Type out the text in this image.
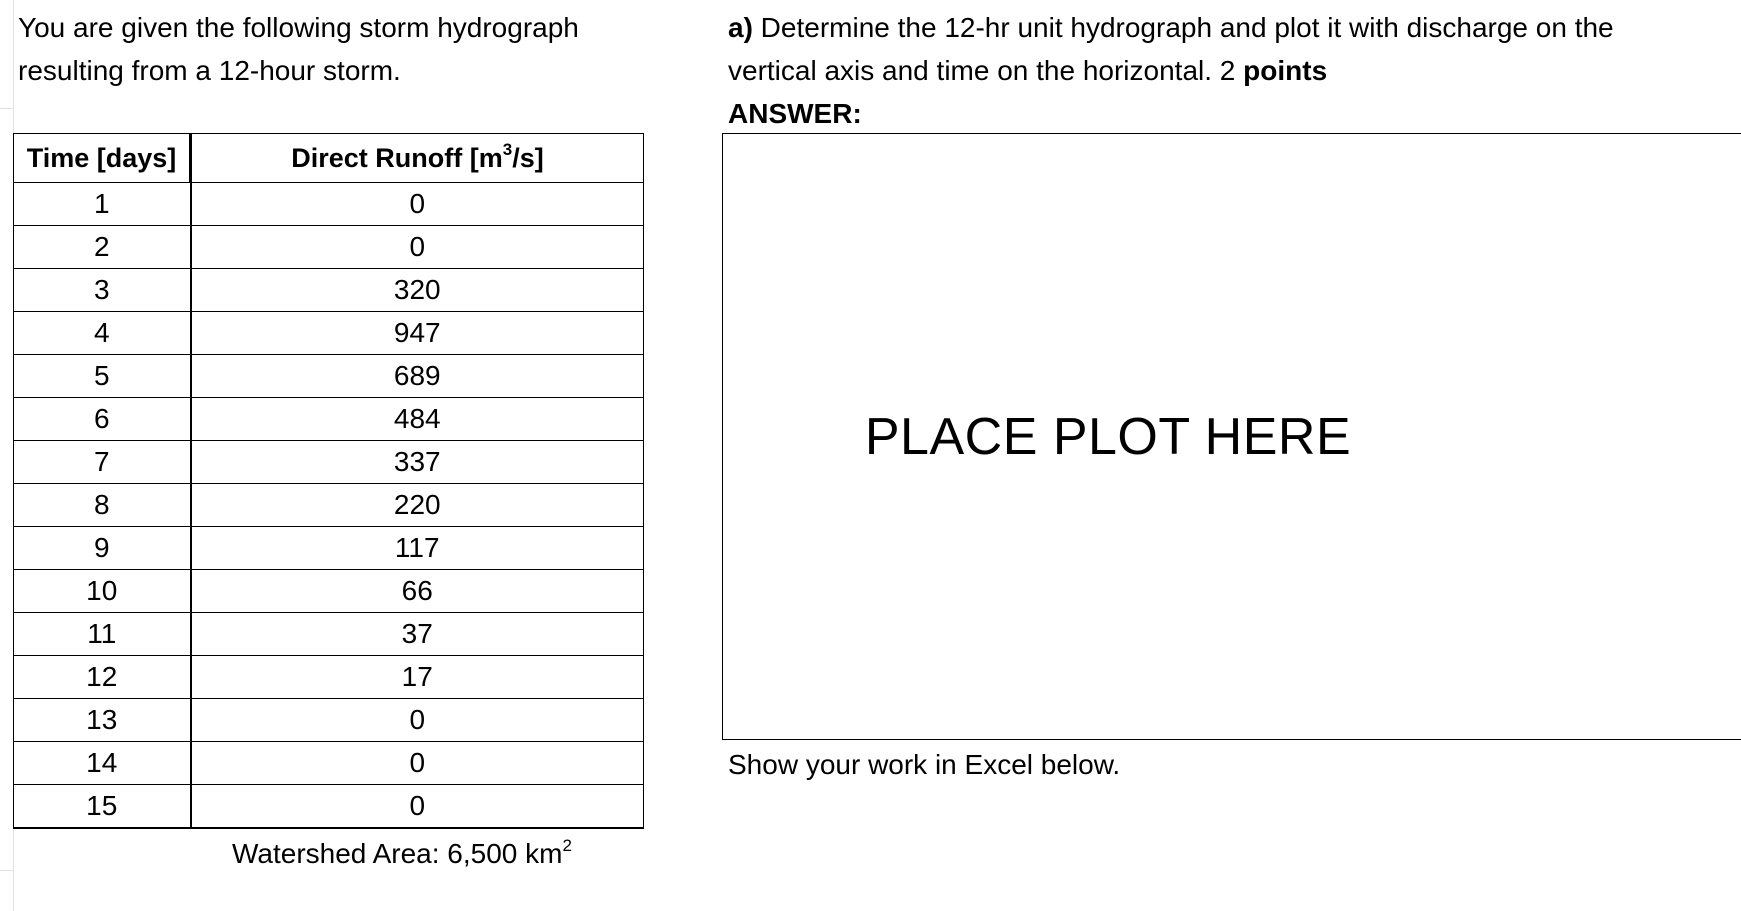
You are given the following storm hydrograph
resulting from a 12-hour storm.
a) Determine the 12-hr unit hydrograph and plot it with discharge on the
vertical axis and time on the horizontal. 2 points
ANSWER:
PLACE PLOT HERE
Show your work in Excel below.
Time [days]	Direct Runoff $[m^3/s]$
1	0
2	0
3	320
4	947
5	689
6	484
7	337
8	220
9	117
10	66
11	37
12	17
13	0
14	0
15	0
Watershed Area: 6,500 $km^2$
